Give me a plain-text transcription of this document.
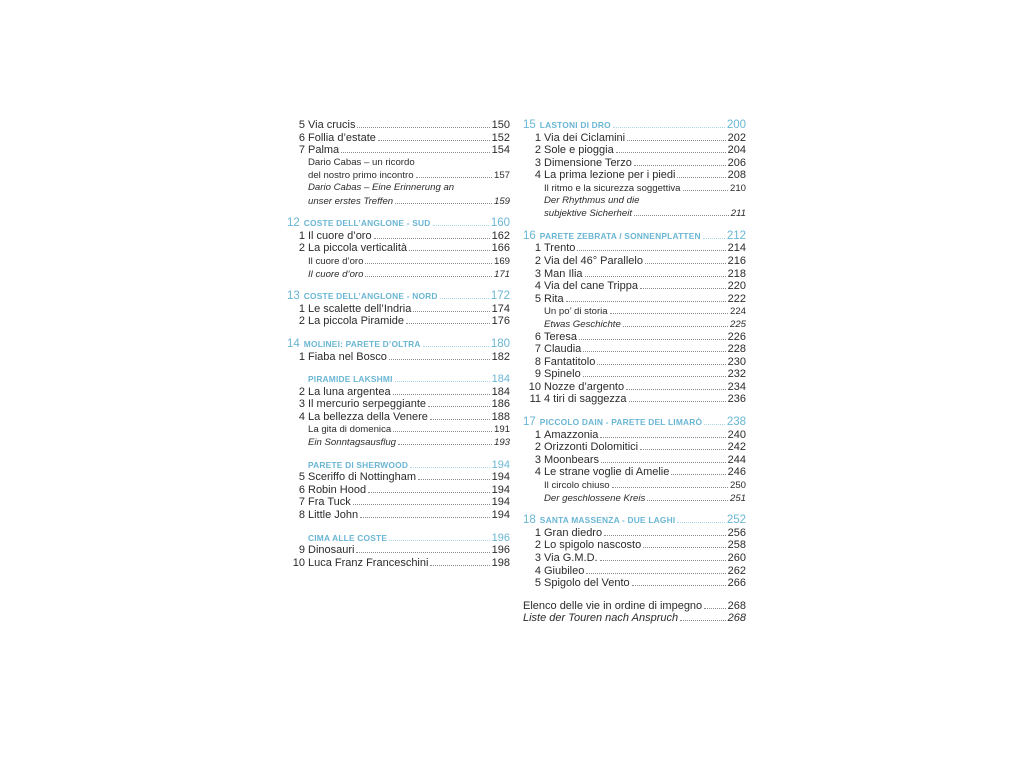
5 Via crucis	150
6 Follia d’estate	152
7 Palma	154
Dario Cabas – un ricordo
del nostro primo incontro	157
Dario Cabas – Eine Erinnerung an
unser erstes Treffen	159
12 COSTE DELL’ANGLONE - SUD	160
1 Il cuore d’oro	162
2 La piccola verticalità	166
Il cuore d’oro	169
Il cuore d’oro	171
13 COSTE DELL’ANGLONE - NORD	172
1 Le scalette dell’Indria	174
2 La piccola Piramide	176
14 MOLINEI: PARETE D’OLTRA	180
1 Fiaba nel Bosco	182
PIRAMIDE LAKSHMI	184
2 La luna argentea	184
3 Il mercurio serpeggiante	186
4 La bellezza della Venere	188
La gita di domenica	191
Ein Sonntagsausflug	193
PARETE DI SHERWOOD	194
5 Sceriffo di Nottingham	194
6 Robin Hood	194
7 Fra Tuck	194
8 Little John	194
CIMA ALLE COSTE	196
9 Dinosauri	196
10 Luca Franz Franceschini	198
15 LASTONI DI DRO	200
1 Via dei Ciclamini	202
2 Sole e pioggia	204
3 Dimensione Terzo	206
4 La prima lezione per i piedi	208
Il ritmo e la sicurezza soggettiva	210
Der Rhythmus und die
subjektive Sicherheit	211
16 PARETE ZEBRATA / SONNENPLATTEN 212
1 Trento	214
2 Via del 46° Parallelo	216
3 Man Ilia	218
4 Via del cane Trippa	220
5 Rita	222
Un po’ di storia	224
Etwas Geschichte	225
6 Teresa	226
7 Claudia	228
8 Fantatitolo	230
9 Spinelo	232
10 Nozze d’argento	234
11 4 tiri di saggezza	236
17 PICCOLO DAIN - PARETE DEL LIMARÒ 238
1 Amazzonia	240
2 Orizzonti Dolomitici	242
3 Moonbears	244
4 Le strane voglie di Amelie	246
Il circolo chiuso	250
Der geschlossene Kreis	251
18 SANTA MASSENZA - DUE LAGHI	252
1 Gran diedro	256
2 Lo spigolo nascosto	258
3 Via G.M.D.	260
4 Giubileo	262
5 Spigolo del Vento	266
Elenco delle vie in ordine di impegno 268
Liste der Touren nach Anspruch	268
